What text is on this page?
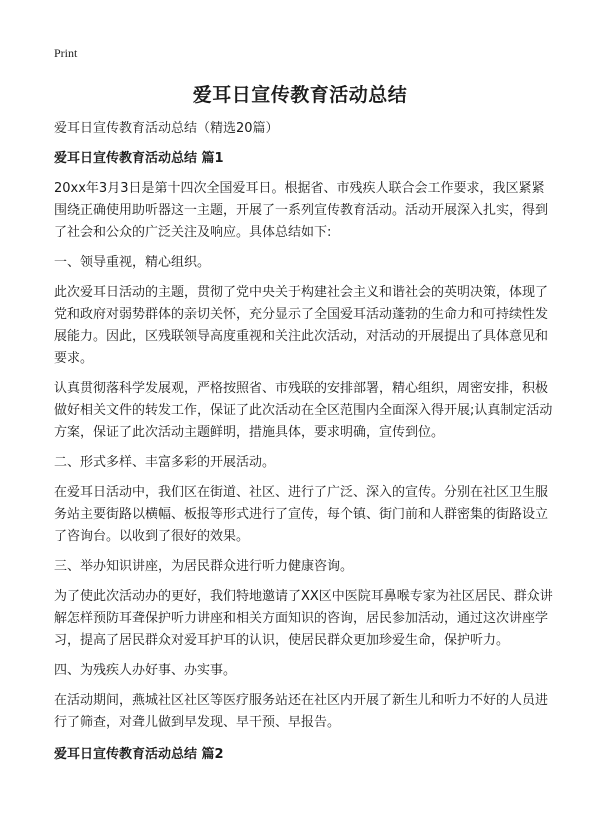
Print
爱耳日宣传教育活动总结

爱耳日宣传教育活动总结（精选20篇）

爱耳日宣传教育活动总结 篇1

20xx年3月3日是第十四次全国爱耳日。根据省、市残疾人联合会工作要求，我区紧紧围绕正确使用助听器这一主题，开展了一系列宣传教育活动。活动开展深入扎实，得到了社会和公众的广泛关注及响应。具体总结如下:

一、领导重视，精心组织。

此次爱耳日活动的主题，贯彻了党中央关于构建社会主义和谐社会的英明决策，体现了党和政府对弱势群体的亲切关怀，充分显示了全国爱耳活动蓬勃的生命力和可持续性发展能力。因此，区残联领导高度重视和关注此次活动，对活动的开展提出了具体意见和要求。

认真贯彻落科学发展观，严格按照省、市残联的安排部署，精心组织，周密安排，积极做好相关文件的转发工作，保证了此次活动在全区范围内全面深入得开展;认真制定活动方案，保证了此次活动主题鲜明，措施具体，要求明确，宣传到位。

二、形式多样、丰富多彩的开展活动。

在爱耳日活动中，我们区在街道、社区、进行了广泛、深入的宣传。分别在社区卫生服务站主要街路以横幅、板报等形式进行了宣传，每个镇、街门前和人群密集的街路设立了咨询台。以收到了很好的效果。

三、举办知识讲座，为居民群众进行听力健康咨询。

为了使此次活动办的更好，我们特地邀请了XX区中医院耳鼻喉专家为社区居民、群众讲解怎样预防耳聋保护听力讲座和相关方面知识的咨询，居民参加活动，通过这次讲座学习，提高了居民群众对爱耳护耳的认识，使居民群众更加珍爱生命，保护听力。

四、为残疾人办好事、办实事。

在活动期间，燕城社区社区等医疗服务站还在社区内开展了新生儿和听力不好的人员进行了筛查，对聋儿做到早发现、早干预、早报告。

爱耳日宣传教育活动总结 篇2
